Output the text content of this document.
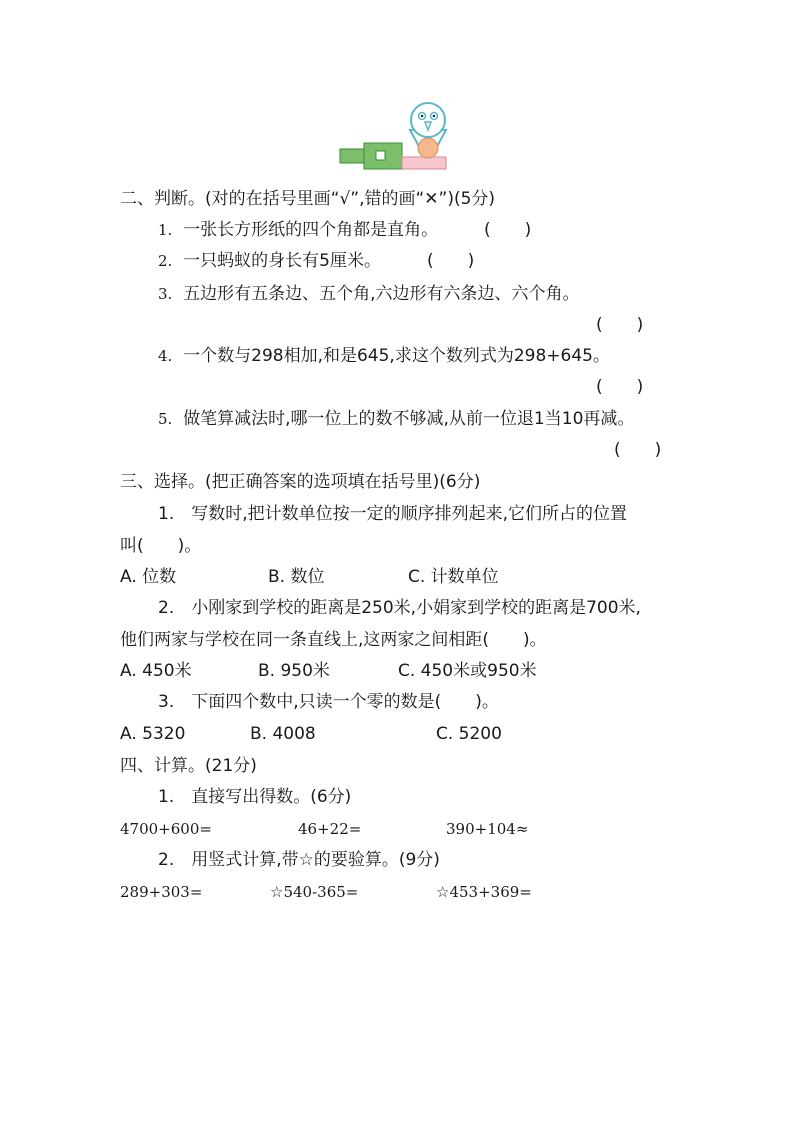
二、判断。(对的在括号里画“√”,错的画“✕”)(5分)
1. 一张长方形纸的四个角都是直角。	(　　)
2. 一只蚂蚁的身长有5厘米。	(　　)
3. 五边形有五条边、五个角,六边形有六条边、六个角。
(　　)
4. 一个数与298相加,和是645,求这个数列式为298+645。
(　　)
5. 做笔算减法时,哪一位上的数不够减,从前一位退1当10再减。
(　　)
三、选择。(把正确答案的选项填在括号里)(6分)
1.　写数时,把计数单位按一定的顺序排列起来,它们所占的位置
叫(　　)。
A. 位数	B. 数位	C. 计数单位
2.　小刚家到学校的距离是250米,小娟家到学校的距离是700米,
他们两家与学校在同一条直线上,这两家之间相距(　　)。
A. 450米	B. 950米	C. 450米或950米
3.　下面四个数中,只读一个零的数是(　　)。
A. 5320	B. 4008	C. 5200
四、计算。(21分)
1.　直接写出得数。(6分)
4700+600=	46+22=	390+104≈
2.　用竖式计算,带☆的要验算。(9分)
289+303=	☆540-365=	☆453+369=
